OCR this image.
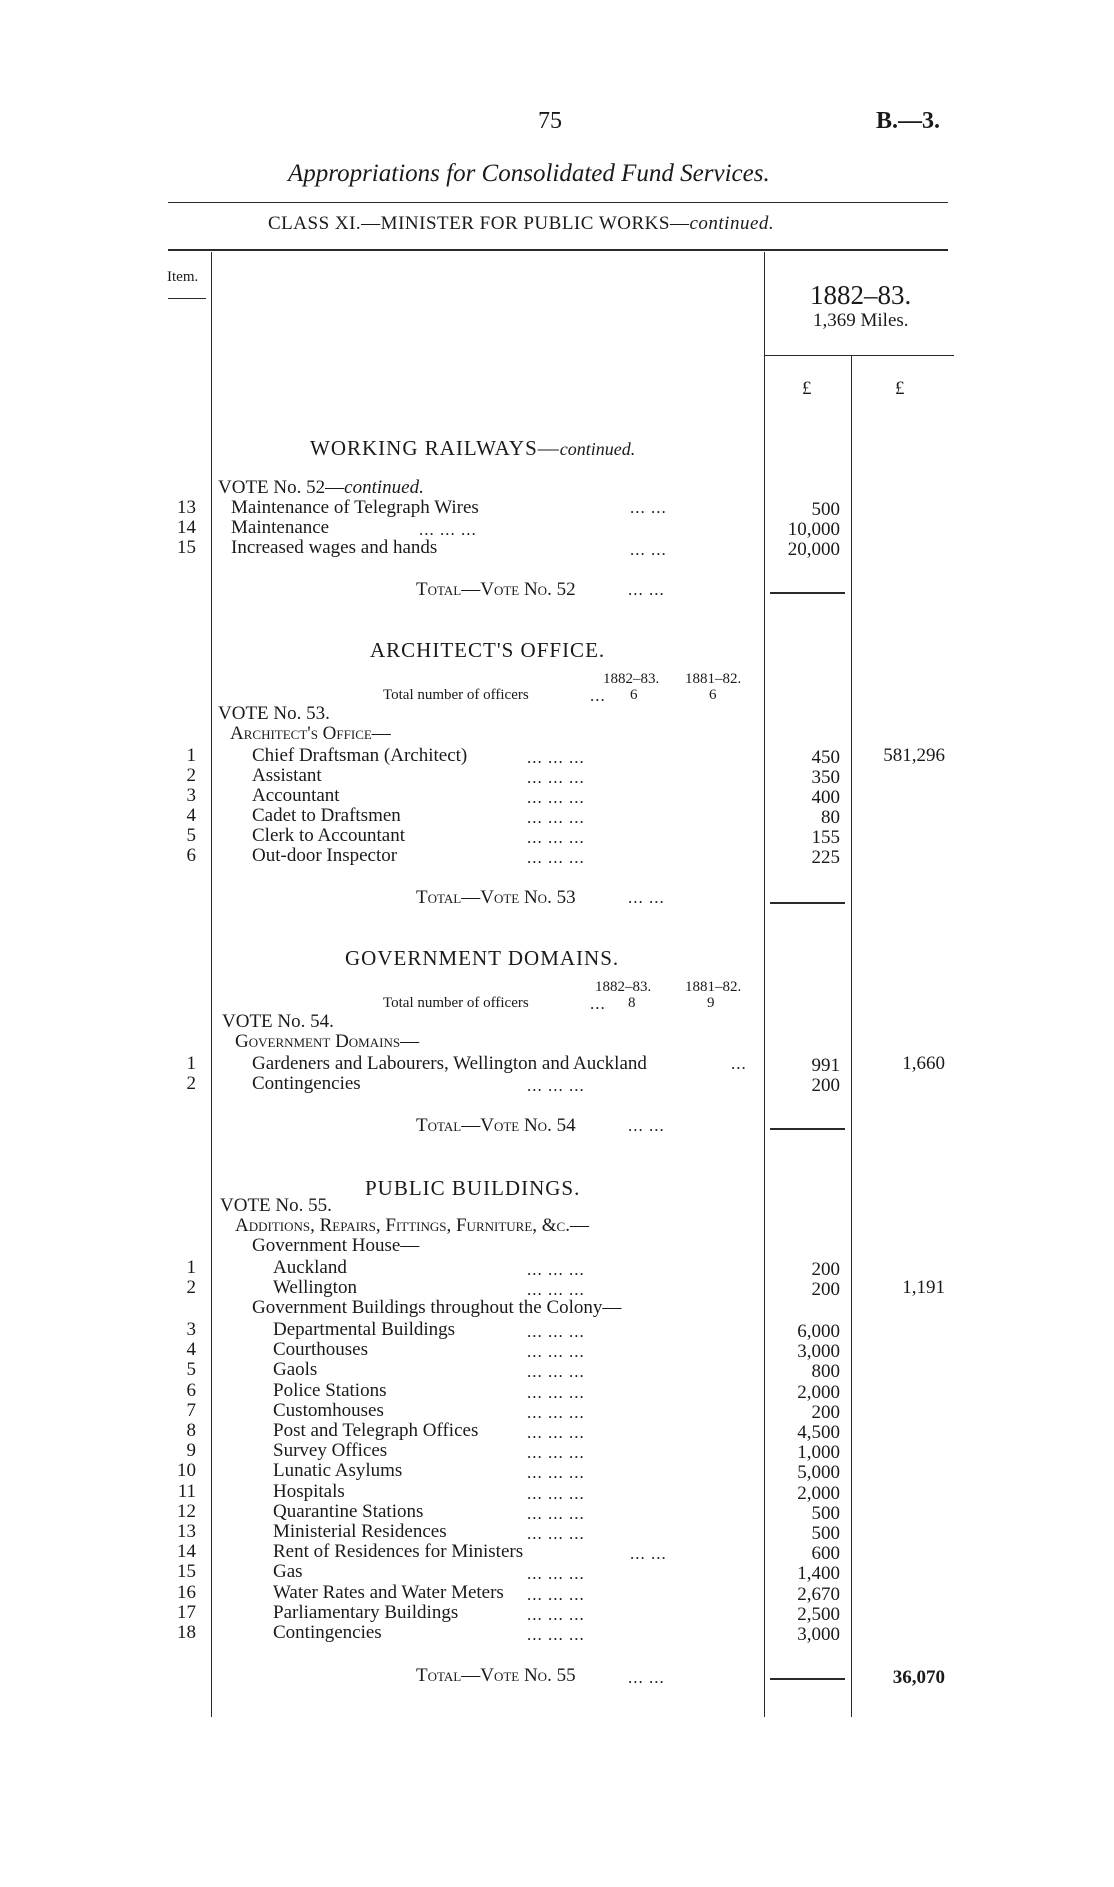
75	B.—3.
Appropriations for Consolidated Fund Services.
CLASS XI.—MINISTER FOR PUBLIC WORKS—continued.
Item.
1882–83.
1,369 Miles.
£	£
WORKING RAILWAYS—continued.
VOTE No. 52—continued.
13 Maintenance of Telegraph Wires	... ...	500
14 Maintenance	... ... ...	10,000
15 Increased wages and hands	... ...	20,000
Total—Vote No. 52	... ...
ARCHITECT'S OFFICE.
1882–83. 1881–82.
Total number of officers	... 6	6
VOTE No. 53.
Architect's Office—
1	Chief Draftsman (Architect)	... ... ...	450	581,296
2	Assistant	... ... ...	350
3	Accountant	... ... ...	400
4	Cadet to Draftsmen	... ... ...	80
5	Clerk to Accountant	... ... ...	155
6	Out-door Inspector	... ... ...	225
Total—Vote No. 53	... ...
GOVERNMENT DOMAINS.
1882–83. 1881–82.
Total number of officers	... 8	9
VOTE No. 54.
Government Domains—
1	Gardeners and Labourers, Wellington and Auckland	...	991	1,660
2	Contingencies	... ... ...	200
Total—Vote No. 54	... ...
PUBLIC BUILDINGS.
VOTE No. 55.
Additions, Repairs, Fittings, Furniture, &c.—
Government House—
1	Auckland	... ... ...	200
2	Wellington	... ... ...	200	1,191
Government Buildings throughout the Colony—
3	Departmental Buildings	... ... ...	6,000
4	Courthouses	... ... ...	3,000
5	Gaols	... ... ...	800
6	Police Stations	... ... ...	2,000
7	Customhouses	... ... ...	200
8	Post and Telegraph Offices	... ... ...	4,500
9	Survey Offices	... ... ...	1,000
10	Lunatic Asylums	... ... ...	5,000
11	Hospitals	... ... ...	2,000
12	Quarantine Stations	... ... ...	500
13	Ministerial Residences	... ... ...	500
14	Rent of Residences for Ministers	... ...	600
15	Gas	... ... ...	1,400
16	Water Rates and Water Meters ... ... ...	2,670
17	Parliamentary Buildings	... ... ...	2,500
18	Contingencies	... ... ...	3,000
Total—Vote No. 55	... ...	36,070
